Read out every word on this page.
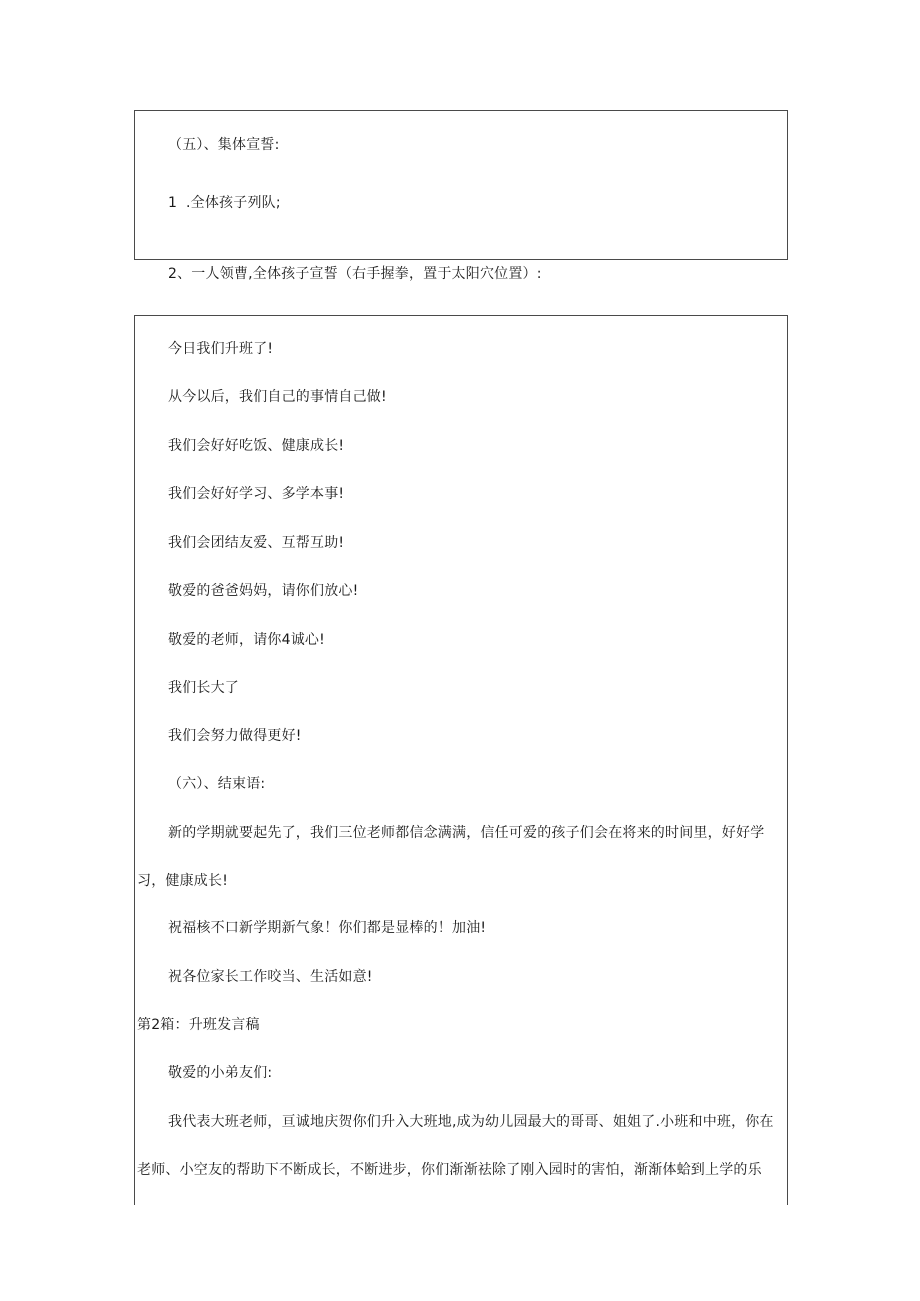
（五）、集体宣誓:
1 .全体孩子列队;
2、一人领曹,全体孩子宣誓（右手握拳，置于太阳穴位置）:
今日我们升班了!
从今以后，我们自己的事情自己做!
我们会好好吃饭、健康成长!
我们会好好学习、多学本事!
我们会团结友爱、互帮互助!
敬爱的爸爸妈妈，请你们放心!
敬爱的老师，请你4诚心!
我们长大了
我们会努力做得更好!
（六）、结束语:
新的学期就要起先了，我们三位老师都信念满满，信任可爱的孩子们会在将来的时间里，好好学
习，健康成长!
祝福核不口新学期新气象！你们都是显棒的！加油!
祝各位家长工作咬当、生活如意!
第2箱：升班发言稿
敬爱的小弟友们:
我代表大班老师，亘诚地庆贺你们升入大班地,成为幼儿园最大的哥哥、姐姐了.小班和中班，你在
老师、小空友的帮助下不断成长，不断进步，你们渐渐祛除了刚入园时的害怕，渐渐体蛤到上学的乐
